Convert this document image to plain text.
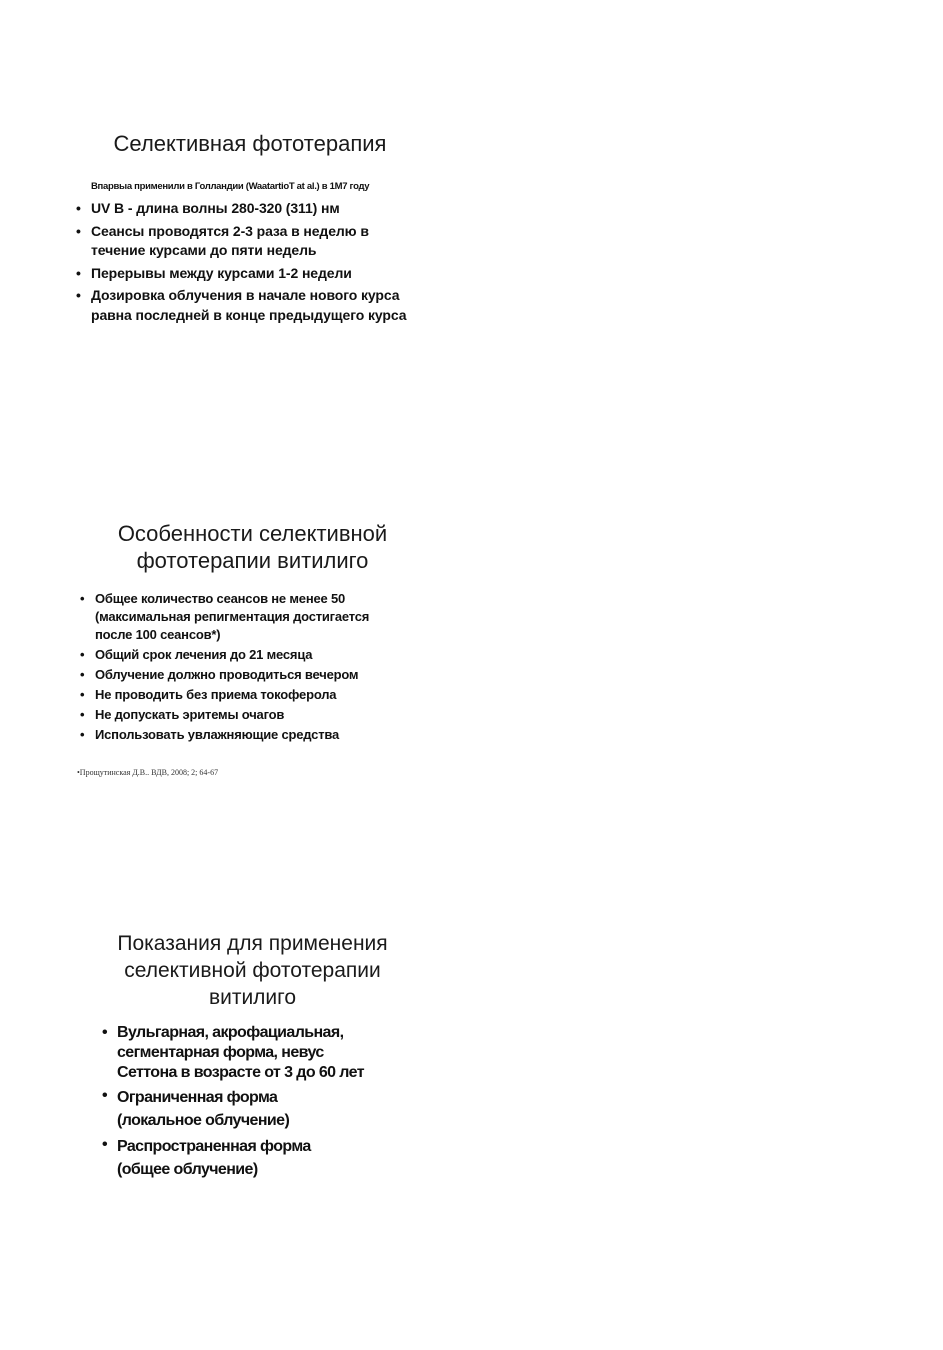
Селективная фототерапия
Впарвыа применили в Голландии (WaatartioT at al.) в 1M7 году
• UV B - длина волны 280-320 (311) нм
• Сеансы проводятся 2-3 раза в неделю в
течение курсами до пяти недель
• Перерывы между курсами 1-2 недели
• Дозировка облучения в начале нового курса
равна последней в конце предыдущего курса
Особенности селективной
фототерапии витилиго
• Общее количество сеансов не менее 50
(максимальная репигментация достигается
после 100 сеансов*)
• Общий срок лечения до 21 месяца
• Облучение должно проводиться вечером
• Не проводить без приема токоферола
• Не допускать эритемы очагов
• Использовать увлажняющие средства
•Прощутинская Д.В.. ВДВ, 2008; 2; 64-67
Показания для применения
селективной фототерапии
витилиго
• Вульгарная, акрофациальная,
сегментарная форма, невус
Сеттона в возрасте от 3 до 60 лет
• Ограниченная форма
(локальное облучение)
• Распространенная форма
(общее облучение)
